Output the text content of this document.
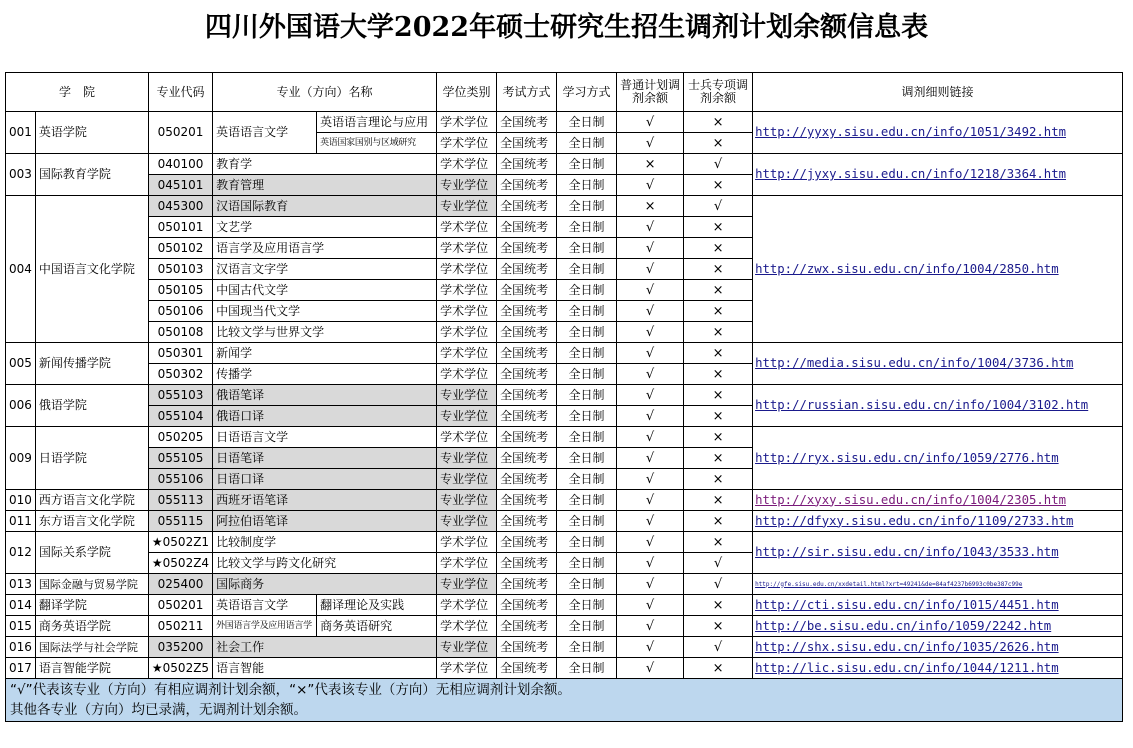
四川外国语大学2022年硕士研究生招生调剂计划余额信息表
学　院		专业代码	专业（方向）名称		学位类别	考试方式	学习方式	普通计划调剂余额	士兵专项调剂余额	调剂细则链接
001	英语学院	050201	英语语言文学	英语语言理论与应用	学术学位	全国统考	全日制	√	×	http://yyxy.sisu.edu.cn/info/1051/3492.htm
				英语国家国别与区域研究	学术学位	全国统考	全日制	√	×	
003	国际教育学院	040100	教育学		学术学位	全国统考	全日制	×	√	http://jyxy.sisu.edu.cn/info/1218/3364.htm
		045101	教育管理		专业学位	全国统考	全日制	√	×	
004	中国语言文化学院	045300	汉语国际教育		专业学位	全国统考	全日制	×	√	http://zwx.sisu.edu.cn/info/1004/2850.htm
		050101	文艺学		学术学位	全国统考	全日制	√	×	
		050102	语言学及应用语言学		学术学位	全国统考	全日制	√	×	
		050103	汉语言文字学		学术学位	全国统考	全日制	√	×	
		050105	中国古代文学		学术学位	全国统考	全日制	√	×	
		050106	中国现当代文学		学术学位	全国统考	全日制	√	×	
		050108	比较文学与世界文学		学术学位	全国统考	全日制	√	×	
005	新闻传播学院	050301	新闻学		学术学位	全国统考	全日制	√	×	http://media.sisu.edu.cn/info/1004/3736.htm
		050302	传播学		学术学位	全国统考	全日制	√	×	
006	俄语学院	055103	俄语笔译		专业学位	全国统考	全日制	√	×	http://russian.sisu.edu.cn/info/1004/3102.htm
		055104	俄语口译		专业学位	全国统考	全日制	√	×	
009	日语学院	050205	日语语言文学		学术学位	全国统考	全日制	√	×	http://ryx.sisu.edu.cn/info/1059/2776.htm
		055105	日语笔译		专业学位	全国统考	全日制	√	×	
		055106	日语口译		专业学位	全国统考	全日制	√	×	
010	西方语言文化学院	055113	西班牙语笔译		专业学位	全国统考	全日制	√	×	http://xyxy.sisu.edu.cn/info/1004/2305.htm
011	东方语言文化学院	055115	阿拉伯语笔译		专业学位	全国统考	全日制	√	×	http://dfyxy.sisu.edu.cn/info/1109/2733.htm
012	国际关系学院	★0502Z1	比较制度学		学术学位	全国统考	全日制	√	×	http://sir.sisu.edu.cn/info/1043/3533.htm
		★0502Z4	比较文学与跨文化研究		学术学位	全国统考	全日制	√	√	
013	国际金融与贸易学院	025400	国际商务		专业学位	全国统考	全日制	√	√	http://gfe.sisu.edu.cn/xxdetail.html?xrt=49241&de=84af4237b6993c0be387c99e
014	翻译学院	050201	英语语言文学	翻译理论及实践	学术学位	全国统考	全日制	√	×	http://cti.sisu.edu.cn/info/1015/4451.htm
015	商务英语学院	050211	外国语言学及应用语言学	商务英语研究	学术学位	全国统考	全日制	√	×	http://be.sisu.edu.cn/info/1059/2242.htm
016	国际法学与社会学院	035200	社会工作		专业学位	全国统考	全日制	√	√	http://shx.sisu.edu.cn/info/1035/2626.htm
017	语言智能学院	★0502Z5	语言智能		学术学位	全国统考	全日制	√	×	http://lic.sisu.edu.cn/info/1044/1211.htm

“√”代表该专业（方向）有相应调剂计划余额，“×”代表该专业（方向）无相应调剂计划余额。
其他各专业（方向）均已录满，无调剂计划余额。										
